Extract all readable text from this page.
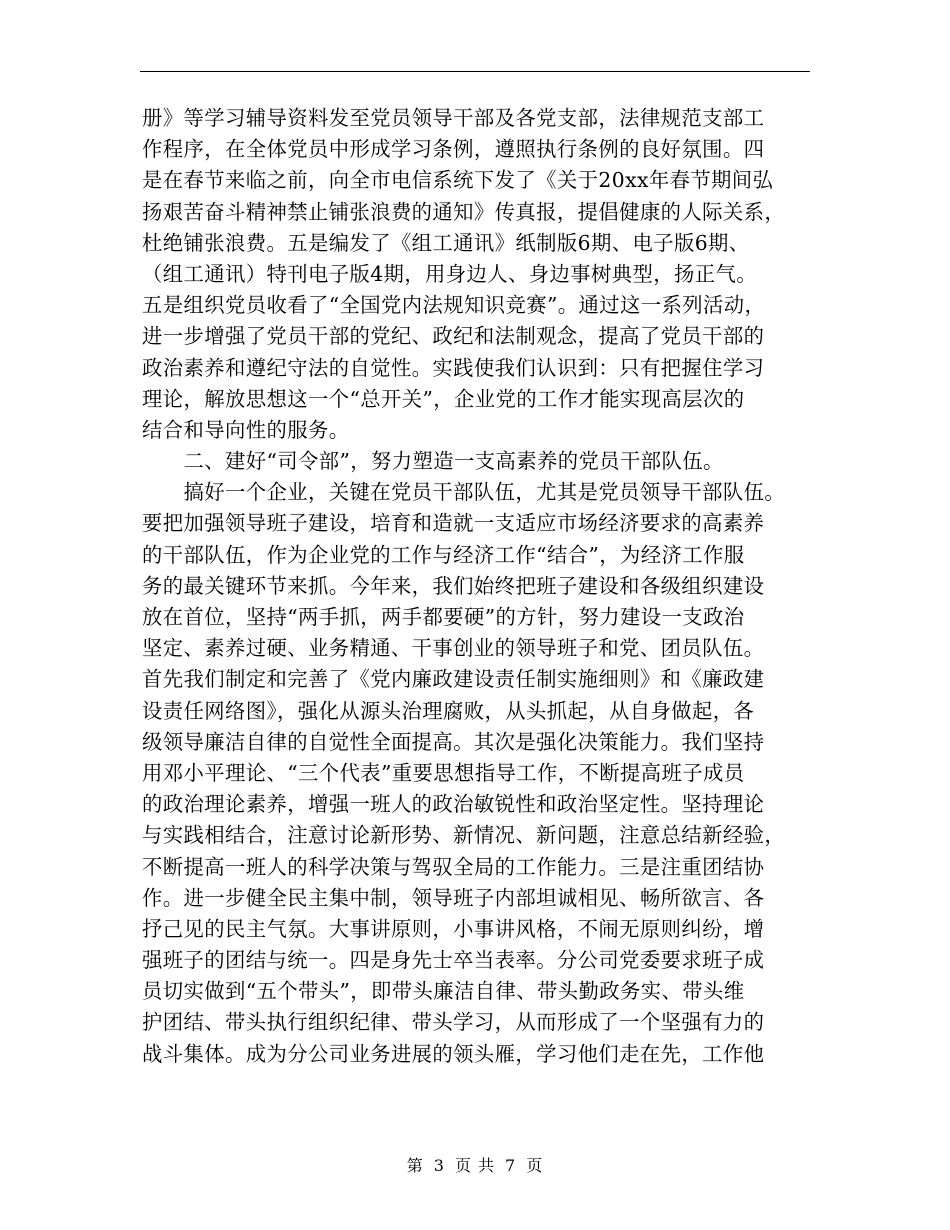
册》等学习辅导资料发至党员领导干部及各党支部，法律规范支部工
作程序，在全体党员中形成学习条例，遵照执行条例的良好氛围。四
是在春节来临之前，向全市电信系统下发了《关于20xx年春节期间弘
扬艰苦奋斗精神禁止铺张浪费的通知》传真报，提倡健康的人际关系，
杜绝铺张浪费。五是编发了《组工通讯》纸制版6期、电子版6期、
（组工通讯）特刊电子版4期，用身边人、身边事树典型，扬正气。
五是组织党员收看了“全国党内法规知识竞赛”。通过这一系列活动，
进一步增强了党员干部的党纪、政纪和法制观念，提高了党员干部的
政治素养和遵纪守法的自觉性。实践使我们认识到：只有把握住学习
理论，解放思想这一个“总开关”，企业党的工作才能实现高层次的
结合和导向性的服务。
　　二、建好“司令部”，努力塑造一支高素养的党员干部队伍。
　　搞好一个企业，关键在党员干部队伍，尤其是党员领导干部队伍。
要把加强领导班子建设，培育和造就一支适应市场经济要求的高素养
的干部队伍，作为企业党的工作与经济工作“结合”，为经济工作服
务的最关键环节来抓。今年来，我们始终把班子建设和各级组织建设
放在首位，坚持“两手抓，两手都要硬”的方针，努力建设一支政治
坚定、素养过硬、业务精通、干事创业的领导班子和党、团员队伍。
首先我们制定和完善了《党内廉政建设责任制实施细则》和《廉政建
设责任网络图》，强化从源头治理腐败，从头抓起，从自身做起，各
级领导廉洁自律的自觉性全面提高。其次是强化决策能力。我们坚持
用邓小平理论、“三个代表”重要思想指导工作，不断提高班子成员
的政治理论素养，增强一班人的政治敏锐性和政治坚定性。坚持理论
与实践相结合，注意讨论新形势、新情况、新问题，注意总结新经验，
不断提高一班人的科学决策与驾驭全局的工作能力。三是注重团结协
作。进一步健全民主集中制，领导班子内部坦诚相见、畅所欲言、各
抒己见的民主气氛。大事讲原则，小事讲风格，不闹无原则纠纷，增
强班子的团结与统一。四是身先士卒当表率。分公司党委要求班子成
员切实做到“五个带头”，即带头廉洁自律、带头勤政务实、带头维
护团结、带头执行组织纪律、带头学习，从而形成了一个坚强有力的
战斗集体。成为分公司业务进展的领头雁，学习他们走在先，工作他
第 3 页 共 7 页
